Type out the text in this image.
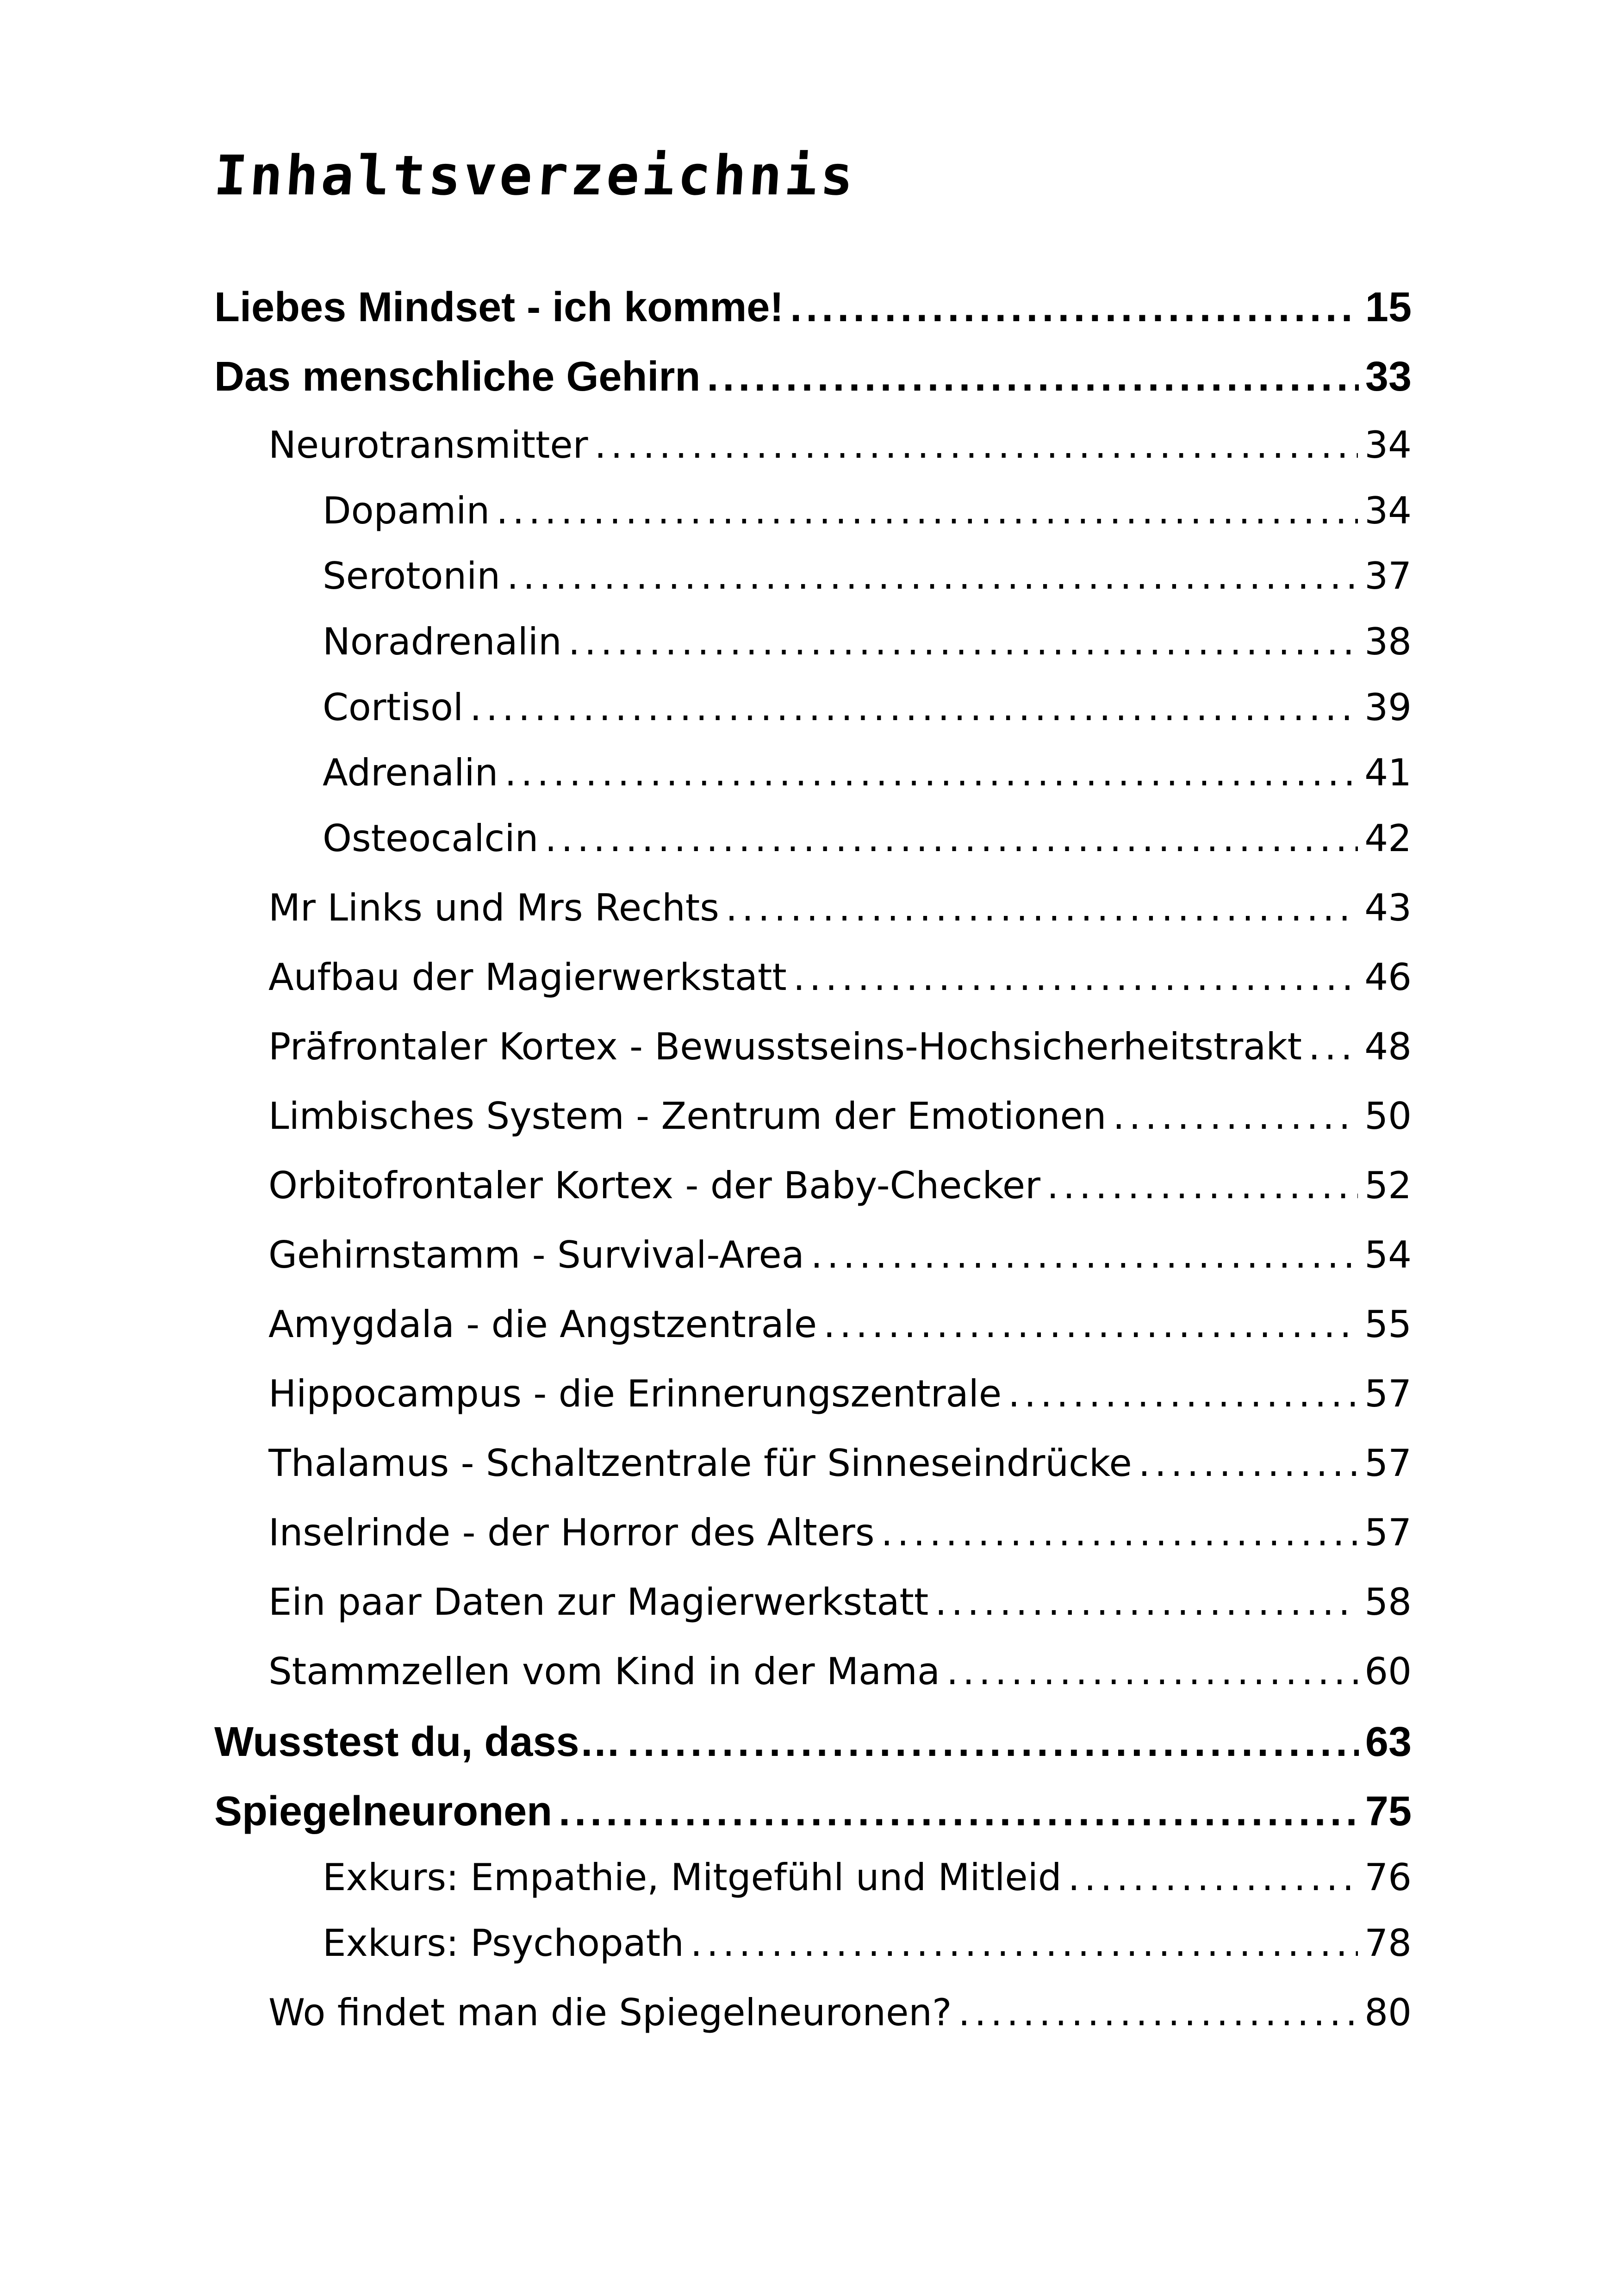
Inhaltsverzeichnis
Liebes Mindset - ich komme! . . .	15
Das menschliche Gehirn . . .	33
Neurotransmitter . . .	34
Dopamin . . .	34
Serotonin . . .	37
Noradrenalin . . .	38
Cortisol . . .	39
Adrenalin . . .	41
Osteocalcin . . .	42
Mr Links und Mrs Rechts . . .	43
Aufbau der Magierwerkstatt . . .	46
Präfrontaler Kortex - Bewusstseins-Hochsicherheitstrakt . . . 48
Limbisches System - Zentrum der Emotionen . . .	50
Orbitofrontaler Kortex - der Baby-Checker . . .	52
Gehirnstamm - Survival-Area . . .	54
Amygdala - die Angstzentrale . . .	55
Hippocampus - die Erinnerungszentrale . . .	57
Thalamus - Schaltzentrale für Sinneseindrücke . . .	57
Inselrinde - der Horror des Alters . . .	57
Ein paar Daten zur Magierwerkstatt . . .	58
Stammzellen vom Kind in der Mama . . .	60
Wusstest du, dass… . . .	63
Spiegelneuronen . . .	75
Exkurs: Empathie, Mitgefühl und Mitleid . . .	76
Exkurs: Psychopath . . .	78
Wo findet man die Spiegelneuronen? . . .	80
